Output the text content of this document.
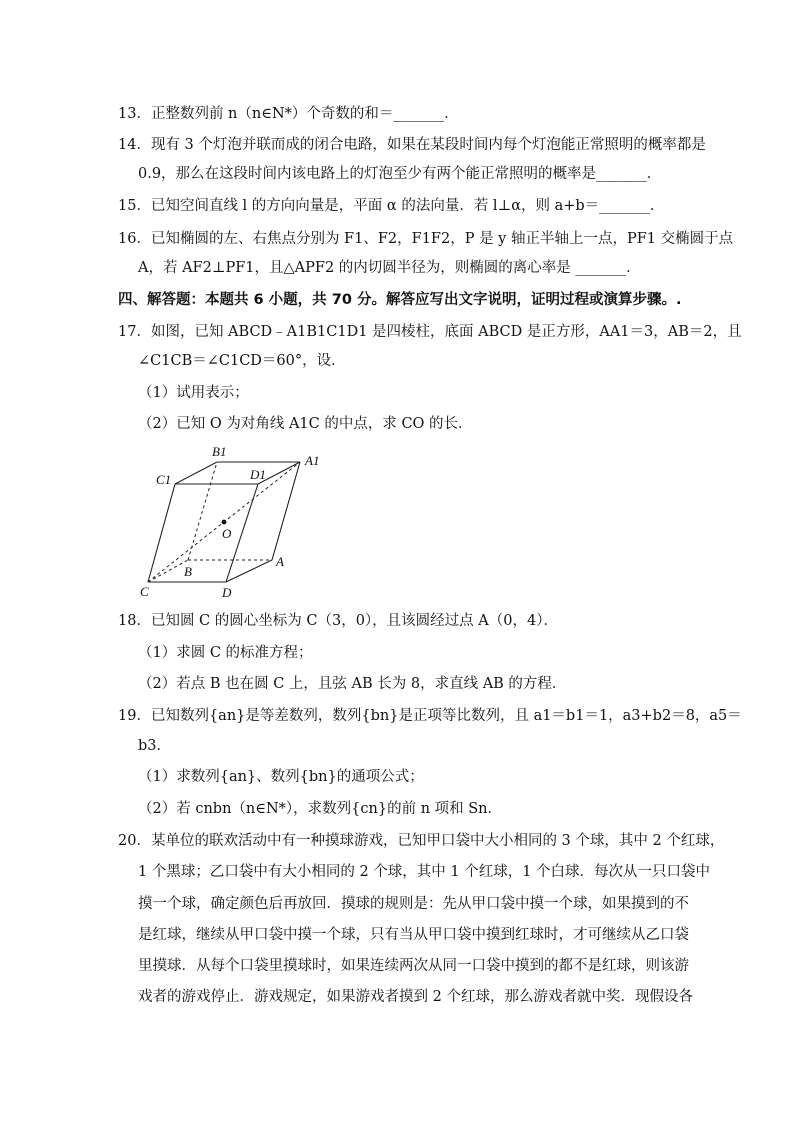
13．正整数列前 n（n∈N*）个奇数的和＝_______．
14．现有 3 个灯泡并联而成的闭合电路，如果在某段时间内每个灯泡能正常照明的概率都是
0.9，那么在这段时间内该电路上的灯泡至少有两个能正常照明的概率是_______．
15．已知空间直线 l 的方向向量是，平面 α 的法向量．若 l⊥α，则 a+b＝_______．
16．已知椭圆的左、右焦点分别为 F1、F2，F1F2，P 是 y 轴正半轴上一点，PF1 交椭圆于点
A，若 AF2⊥PF1，且△APF2 的内切圆半径为，则椭圆的离心率是 _______．
四、解答题：本题共 6 小题，共 70 分。解答应写出文字说明，证明过程或演算步骤。.
17．如图，已知 ABCD﹣A1B1C1D1 是四棱柱，底面 ABCD 是正方形，AA1＝3，AB＝2，且
∠C1CB＝∠C1CD＝60°，设．
（1）试用表示；
（2）已知 O 为对角线 A1C 的中点，求 CO 的长．
B1
C1	D1
A1
O
B
A
C	D
18．已知圆 C 的圆心坐标为 C（3，0），且该圆经过点 A（0，4）．
（1）求圆 C 的标准方程；
（2）若点 B 也在圆 C 上，且弦 AB 长为 8，求直线 AB 的方程．
19．已知数列{an}是等差数列，数列{bn}是正项等比数列，且 a1＝b1＝1，a3+b2＝8，a5＝
b3．
（1）求数列{an}、数列{bn}的通项公式；
（2）若 cnbn（n∈N*），求数列{cn}的前 n 项和 Sn．
20．某单位的联欢活动中有一种摸球游戏，已知甲口袋中大小相同的 3 个球，其中 2 个红球，
1 个黑球；乙口袋中有大小相同的 2 个球，其中 1 个红球，1 个白球．每次从一只口袋中
摸一个球，确定颜色后再放回．摸球的规则是：先从甲口袋中摸一个球，如果摸到的不
是红球，继续从甲口袋中摸一个球，只有当从甲口袋中摸到红球时，才可继续从乙口袋
里摸球．从每个口袋里摸球时，如果连续两次从同一口袋中摸到的都不是红球，则该游
戏者的游戏停止．游戏规定，如果游戏者摸到 2 个红球，那么游戏者就中奖．现假设各
